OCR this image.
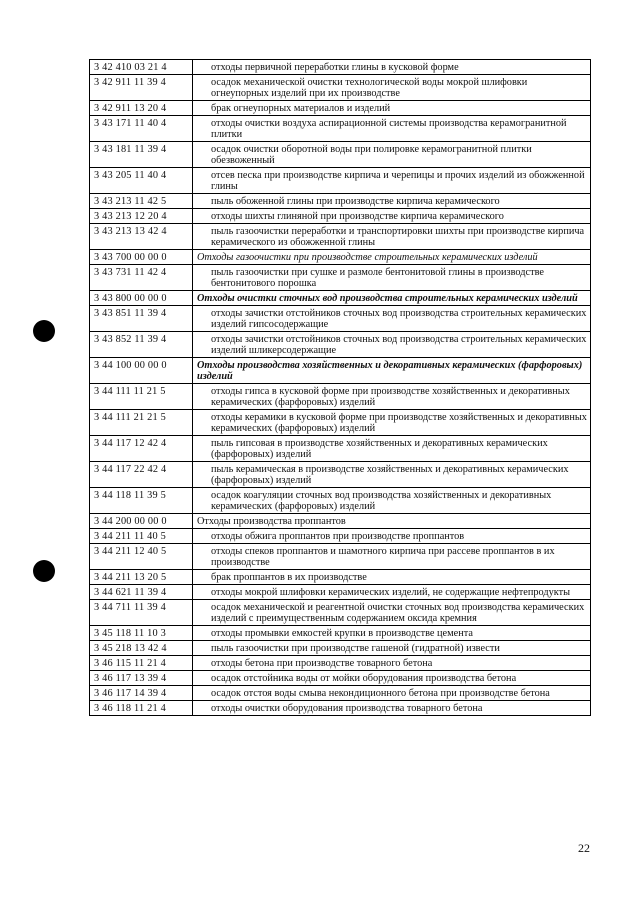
3 42 410 03 21 4	отходы первичной переработки глины в кусковой форме
3 42 911 11 39 4	осадок механической очистки технологической воды мокрой шлифовки огнеупорных изделий при их производстве
3 42 911 13 20 4	брак огнеупорных материалов и изделий
3 43 171 11 40 4	отходы очистки воздуха аспирационной системы производства керамогранитной плитки
3 43 181 11 39 4	осадок очистки оборотной воды при полировке керамогранитной плитки обезвоженный
3 43 205 11 40 4	отсев песка при производстве кирпича и черепицы и прочих изделий из обожженной глины
3 43 213 11 42 5	пыль обоженной глины при производстве кирпича керамического
3 43 213 12 20 4	отходы шихты глиняной при производстве кирпича керамического
3 43 213 13 42 4	пыль газоочистки переработки и транспортировки шихты при производстве кирпича керамического из обожженной глины
3 43 700 00 00 0	Отходы газоочистки при производстве строительных керамических изделий
3 43 731 11 42 4	пыль газоочистки при сушке и размоле бентонитовой глины в производстве бентонитового порошка
3 43 800 00 00 0	Отходы очистки сточных вод производства строительных керамических изделий
3 43 851 11 39 4	отходы зачистки отстойников сточных вод производства строительных керамических изделий гипсосодержащие
3 43 852 11 39 4	отходы зачистки отстойников сточных вод производства строительных керамических изделий шликерсодержащие
3 44 100 00 00 0	Отходы производства хозяйственных и декоративных керамических (фарфоровых) изделий
3 44 111 11 21 5	отходы гипса в кусковой форме при производстве хозяйственных и декоративных керамических (фарфоровых) изделий
3 44 111 21 21 5	отходы керамики в кусковой форме при производстве хозяйственных и декоративных керамических (фарфоровых) изделий
3 44 117 12 42 4	пыль гипсовая в производстве хозяйственных и декоративных керамических (фарфоровых) изделий
3 44 117 22 42 4	пыль керамическая в производстве хозяйственных и декоративных керамических (фарфоровых) изделий
3 44 118 11 39 5	осадок коагуляции сточных вод производства хозяйственных и декоративных керамических (фарфоровых) изделий
3 44 200 00 00 0	Отходы производства проппантов
3 44 211 11 40 5	отходы обжига проппантов при производстве проппантов
3 44 211 12 40 5	отходы спеков проппантов и шамотного кирпича при рассеве проппантов в их производстве
3 44 211 13 20 5	брак проппантов в их производстве
3 44 621 11 39 4	отходы мокрой шлифовки керамических изделий, не содержащие нефтепродукты
3 44 711 11 39 4	осадок механической и реагентной очистки сточных вод производства керамических изделий с преимущественным содержанием оксида кремния
3 45 118 11 10 3	отходы промывки емкостей крупки в производстве цемента
3 45 218 13 42 4	пыль газоочистки при производстве гашеной (гидратной) извести
3 46 115 11 21 4	отходы бетона при производстве товарного бетона
3 46 117 13 39 4	осадок отстойника воды от мойки оборудования производства бетона
3 46 117 14 39 4	осадок отстоя воды смыва некондиционного бетона при производстве бетона
3 46 118 11 21 4	отходы очистки оборудования производства товарного бетона
22
